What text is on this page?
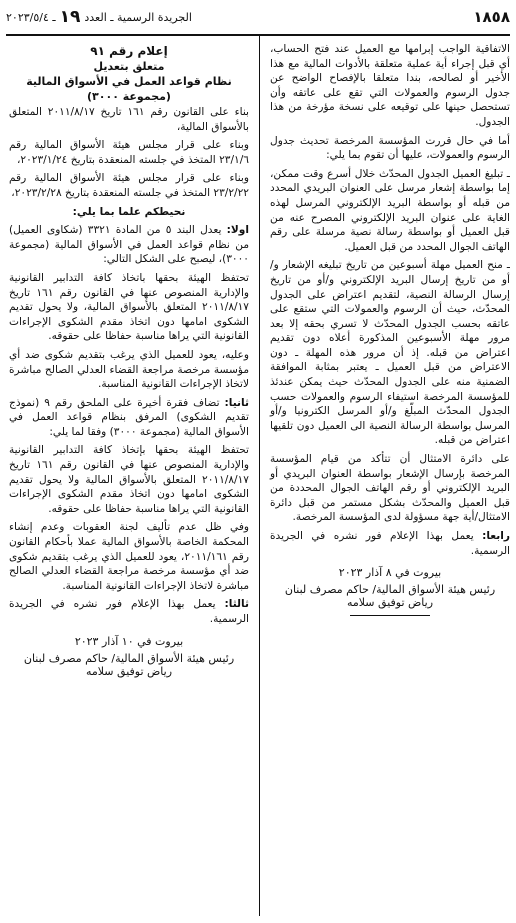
١٨٥٨
الجريدة الرسمية ـ العدد
١٩
ـ ٢٠٢٣/٥/٤

الاتفاقية الواجب إبرامها مع العميل عند فتح الحساب، أي قبل إجراء أية عملية متعلقة بالأدوات المالية مع هذا الأخير أو لصالحه، بندا متعلقا بالإفصاح الواضح عن جدول الرسوم والعمولات التي تقع على عاتقه وأن تستحصل حينها على توقيعه على نسخة مؤرخة من هذا الجدول.

أما في حال قررت المؤسسة المرخصة تحديث جدول الرسوم والعمولات، عليها أن تقوم بما يلي:

ـ تبليغ العميل الجدول المحدّث خلال أسرع وقت ممكن، إما بواسطة إشعار مرسل على العنوان البريدي المحدد من قبله أو بواسطة البريد الإلكتروني المرسل لهذه الغاية على عنوان البريد الإلكتروني المصرح عنه من قبل العميل أو بواسطة رسالة نصية مرسلة على رقم الهاتف الجوال المحدد من قبل العميل.

ـ منح العميل مهلة أسبوعين من تاريخ تبليغه الإشعار و/أو من تاريخ إرسال البريد الإلكتروني و/أو من تاريخ إرسال الرسالة النصية، لتقديم اعتراض على الجدول المحدّث، حيث أن الرسوم والعمولات التي ستقع على عاتقه بحسب الجدول المحدّث لا تسري بحقه إلا بعد مرور مهلة الأسبوعين المذكورة أعلاه دون تقديم اعتراض من قبله. إذ أن مرور هذه المهلة ـ دون الاعتراض من قبل العميل ـ يعتبر بمثابة الموافقة الضمنية منه على الجدول المحدّث حيث يمكن عندئذ للمؤسسة المرخصة استيفاء الرسوم والعمولات حسب الجدول المحدّث المبلّغ و/أو المرسل الكترونيا و/أو المرسل بواسطة الرسالة النصية الى العميل دون تلقيها اعتراض من قبله.

على دائرة الامتثال أن تتأكد من قيام المؤسسة المرخصة بإرسال الإشعار بواسطة العنوان البريدي أو البريد الإلكتروني أو رقم الهاتف الجوال المحددة من قبل العميل والمحدّث بشكل مستمر من قبل دائرة الامتثال/أية جهة مسؤولة لدى المؤسسة المرخصة.

رابعا: يعمل بهذا الإعلام فور نشره في الجريدة الرسمية.

بيروت في ٨ آذار ٢٠٢٣
رئيس هيئة الأسواق المالية/ حاكم مصرف لبنان
رياض توفيق سلامه
إعلام رقم ٩١
متعلق بتعديل
نظام قواعد العمل في الأسواق المالية
(مجموعة ٣٠٠٠)

بناء على القانون رقم ١٦١ تاريخ ٢٠١١/٨/١٧ المتعلق بالأسواق المالية،

وبناء على قرار مجلس هيئة الأسواق المالية رقم ٢٣/١/٦ المتخذ في جلسته المنعقدة بتاريخ ٢٠٢٣/١/٢٤،

وبناء على قرار مجلس هيئة الأسواق المالية رقم ٢٣/٢/٢٢ المتخذ في جلسته المنعقدة بتاريخ ٢٠٢٣/٢/٢٨،

نحيطكم علما بما يلي:

اولا: يعدل البند ٥ من المادة ٣٣٢١ (شكاوى العميل) من نظام قواعد العمل في الأسواق المالية (مجموعة ٣٠٠٠)، ليصبح على الشكل التالي:

تحتفظ الهيئة بحقها باتخاذ كافة التدابير القانونية والإدارية المنصوص عنها في القانون رقم ١٦١ تاريخ ٢٠١١/٨/١٧ المتعلق بالأسواق المالية، ولا يحول تقديم الشكوى امامها دون اتخاذ مقدم الشكوى الإجراءات القانونية التي يراها مناسبة حفاظا على حقوقه.

وعليه، يعود للعميل الذي يرغب بتقديم شكوى ضد أي مؤسسة مرخصة مراجعة القضاء العدلي الصالح مباشرة لاتخاذ الإجراءات القانونية المناسبة.

ثانيا: تضاف فقرة أخيرة على الملحق رقم ٩ (نموذج تقديم الشكوى) المرفق بنظام قواعد العمل في الأسواق المالية (مجموعة ٣٠٠٠) وفقا لما يلي:

تحتفظ الهيئة بحقها بإتخاذ كافة التدابير القانونية والإدارية المنصوص عنها في القانون رقم ١٦١ تاريخ ٢٠١١/٨/١٧ المتعلق بالأسواق المالية ولا يحول تقديم الشكوى امامها دون اتخاذ مقدم الشكوى الإجراءات القانونية التي يراها مناسبة حفاظا على حقوقه.

وفي ظل عدم تأليف لجنة العقوبات وعدم إنشاء المحكمة الخاصة بالأسواق المالية عملا بأحكام القانون رقم ٢٠١١/١٦١، يعود للعميل الذي يرغب بتقديم شكوى ضد أي مؤسسة مرخصة مراجعة القضاء العدلي الصالح مباشرة لاتخاذ الإجراءات القانونية المناسبة.

ثالثا: يعمل بهذا الإعلام فور نشره في الجريدة الرسمية.

بيروت في ١٠ آذار ٢٠٢٣
رئيس هيئة الأسواق المالية/ حاكم مصرف لبنان
رياض توفيق سلامه
